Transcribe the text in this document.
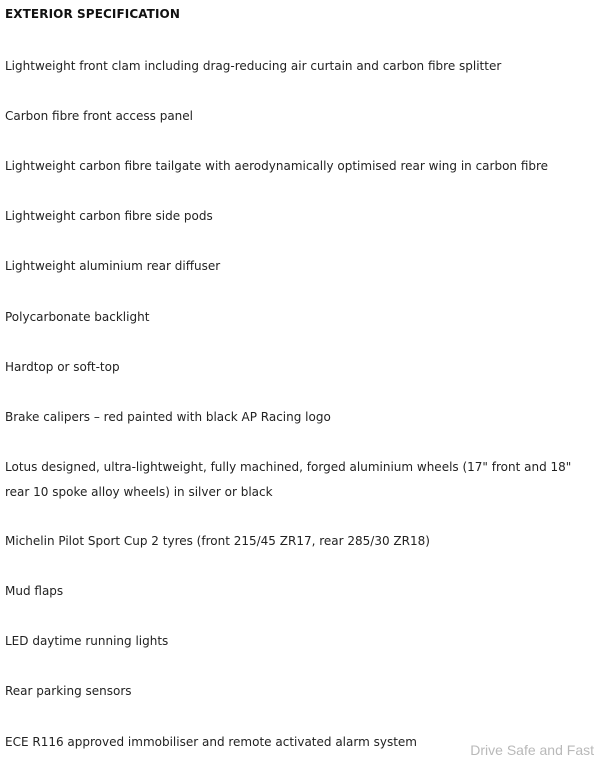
EXTERIOR SPECIFICATION
Lightweight front clam including drag-reducing air curtain and carbon fibre splitter
Carbon fibre front access panel
Lightweight carbon fibre tailgate with aerodynamically optimised rear wing in carbon fibre
Lightweight carbon fibre side pods
Lightweight aluminium rear diffuser
Polycarbonate backlight
Hardtop or soft-top
Brake calipers – red painted with black AP Racing logo
Lotus designed, ultra-lightweight, fully machined, forged aluminium wheels (17" front and 18" rear 10 spoke alloy wheels) in silver or black
Michelin Pilot Sport Cup 2 tyres (front 215/45 ZR17, rear 285/30 ZR18)
Mud flaps
LED daytime running lights
Rear parking sensors
ECE R116 approved immobiliser and remote activated alarm system	Drive Safe and Fast
